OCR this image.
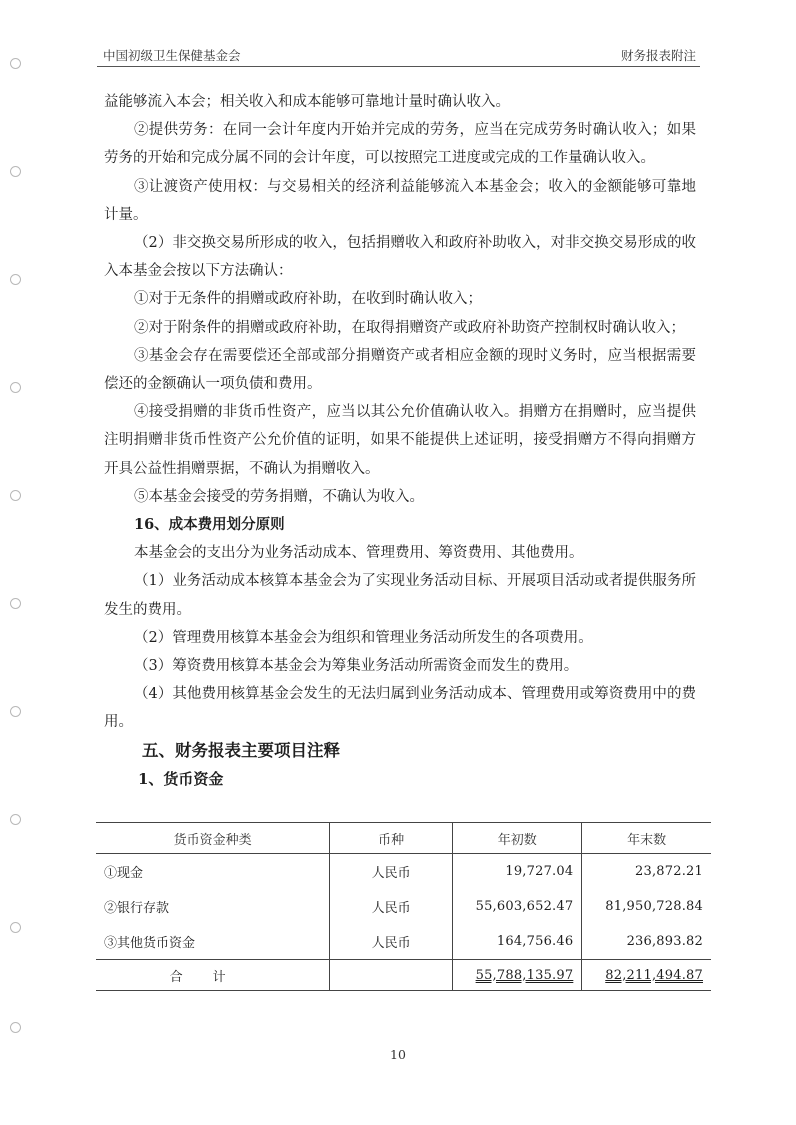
中国初级卫生保健基金会	财务报表附注

益能够流入本会；相关收入和成本能够可靠地计量时确认收入。

②提供劳务：在同一会计年度内开始并完成的劳务，应当在完成劳务时确认收入；如果劳务的开始和完成分属不同的会计年度，可以按照完工进度或完成的工作量确认收入。

③让渡资产使用权：与交易相关的经济利益能够流入本基金会；收入的金额能够可靠地计量。

（2）非交换交易所形成的收入，包括捐赠收入和政府补助收入，对非交换交易形成的收入本基金会按以下方法确认：

①对于无条件的捐赠或政府补助，在收到时确认收入；

②对于附条件的捐赠或政府补助，在取得捐赠资产或政府补助资产控制权时确认收入；

③基金会存在需要偿还全部或部分捐赠资产或者相应金额的现时义务时，应当根据需要偿还的金额确认一项负债和费用。

④接受捐赠的非货币性资产，应当以其公允价值确认收入。捐赠方在捐赠时，应当提供注明捐赠非货币性资产公允价值的证明，如果不能提供上述证明，接受捐赠方不得向捐赠方开具公益性捐赠票据，不确认为捐赠收入。

⑤本基金会接受的劳务捐赠，不确认为收入。

16、成本费用划分原则

本基金会的支出分为业务活动成本、管理费用、筹资费用、其他费用。

（1）业务活动成本核算本基金会为了实现业务活动目标、开展项目活动或者提供服务所发生的费用。

（2）管理费用核算本基金会为组织和管理业务活动所发生的各项费用。

（3）筹资费用核算本基金会为筹集业务活动所需资金而发生的费用。

（4）其他费用核算基金会发生的无法归属到业务活动成本、管理费用或筹资费用中的费用。

五、财务报表主要项目注释

1、货币资金

货币资金种类	币种	年初数	年末数
①现金	人民币	19,727.04	23,872.21
②银行存款	人民币	55,603,652.47	81,950,728.84
③其他货币资金	人民币	164,756.46	236,893.82
合计		55,788,135.97	82,211,494.87
10
